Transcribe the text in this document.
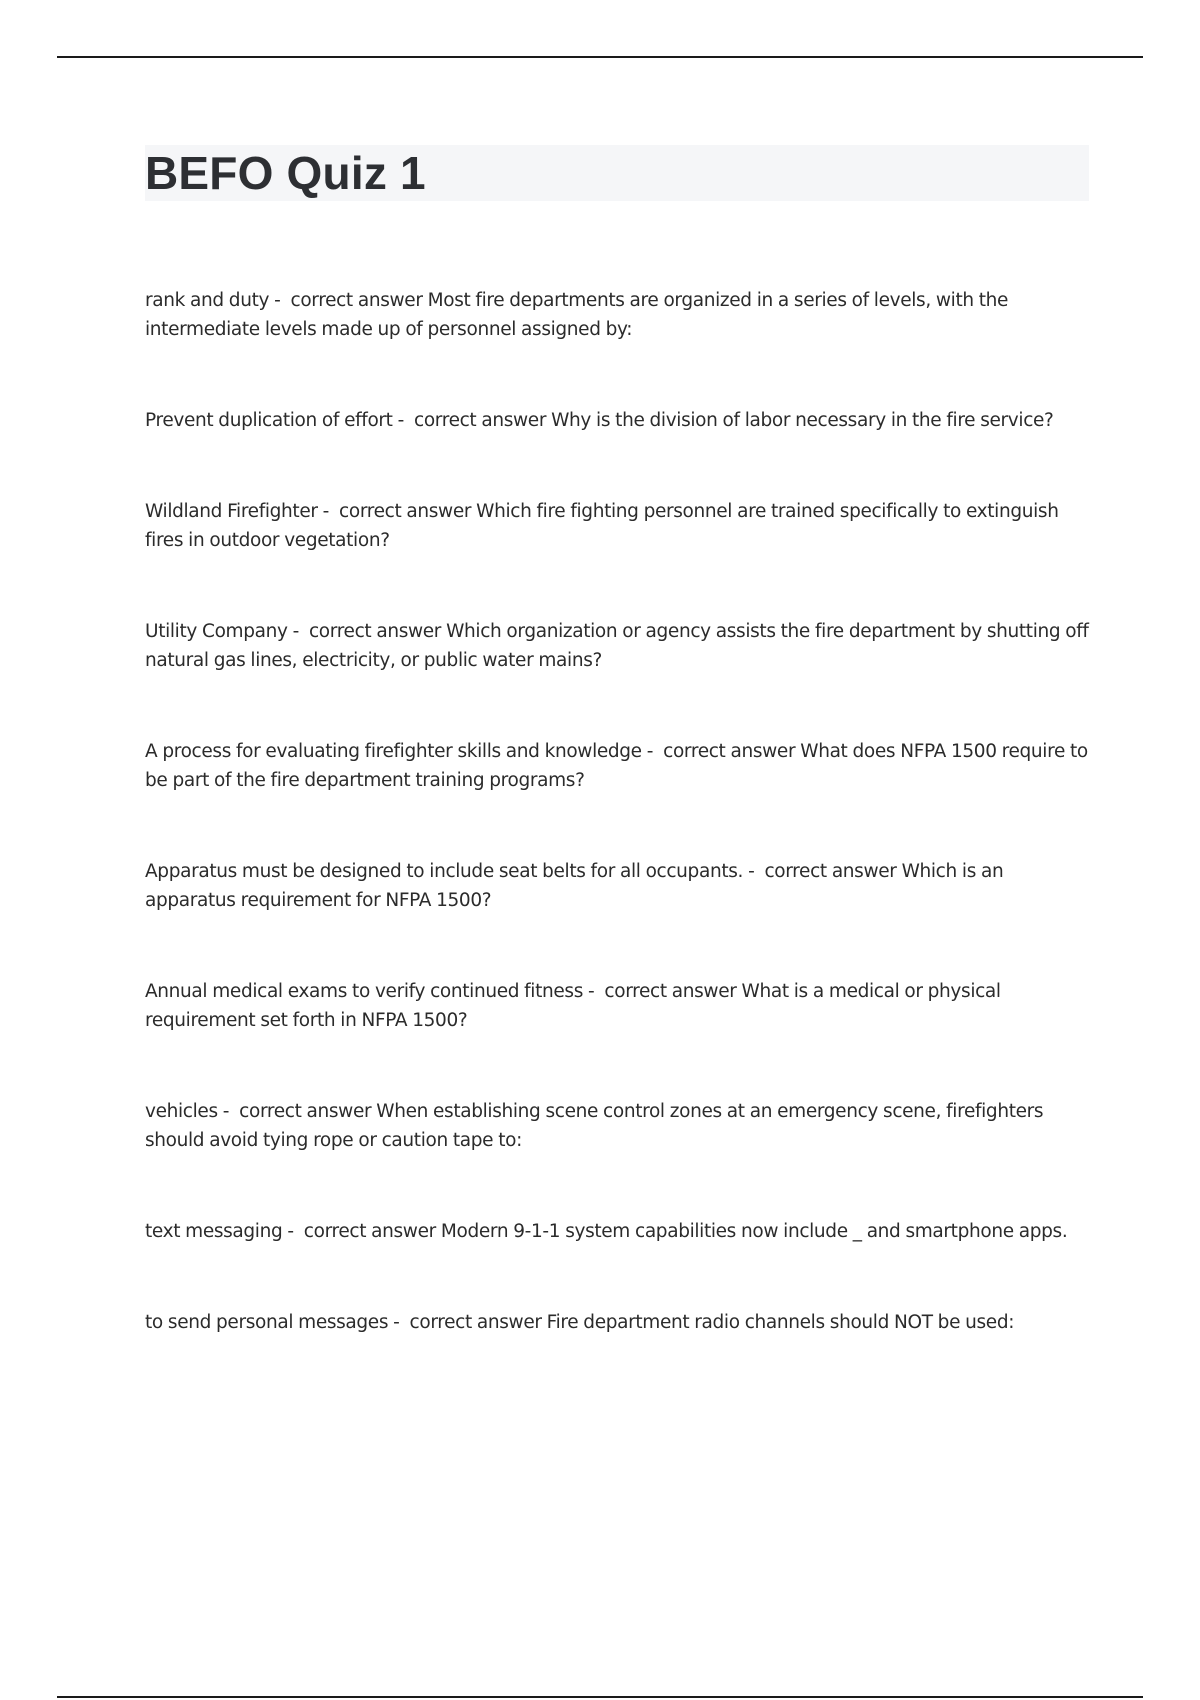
BEFO Quiz 1
rank and duty -  correct answer Most fire departments are organized in a series of levels, with the intermediate levels made up of personnel assigned by:
Prevent duplication of effort -  correct answer Why is the division of labor necessary in the fire service?
Wildland Firefighter -  correct answer Which fire fighting personnel are trained specifically to extinguish fires in outdoor vegetation?
Utility Company -  correct answer Which organization or agency assists the fire department by shutting off natural gas lines, electricity, or public water mains?
A process for evaluating firefighter skills and knowledge -  correct answer What does NFPA 1500 require to be part of the fire department training programs?
Apparatus must be designed to include seat belts for all occupants. -  correct answer Which is an apparatus requirement for NFPA 1500?
Annual medical exams to verify continued fitness -  correct answer What is a medical or physical requirement set forth in NFPA 1500?
vehicles -  correct answer When establishing scene control zones at an emergency scene, firefighters should avoid tying rope or caution tape to:
text messaging -  correct answer Modern 9-1-1 system capabilities now include _ and smartphone apps.
to send personal messages -  correct answer Fire department radio channels should NOT be used:
